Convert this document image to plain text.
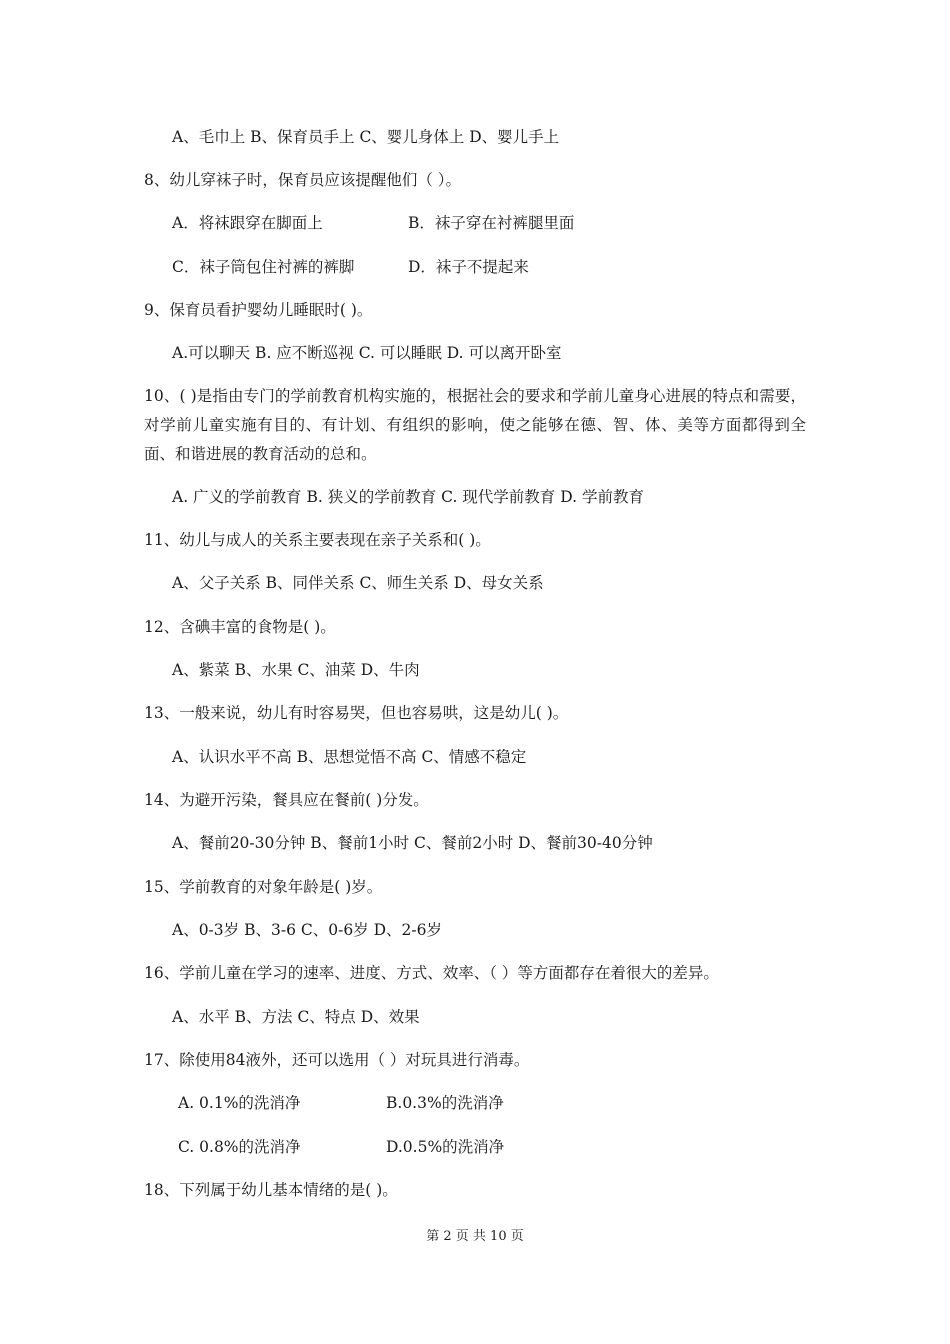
A、毛巾上 B、保育员手上 C、婴儿身体上 D、婴儿手上
8、幼儿穿袜子时，保育员应该提醒他们（ ）。
A．将袜跟穿在脚面上	B．袜子穿在衬裤腿里面
C．袜子筒包住衬裤的裤脚	D．袜子不提起来
9、保育员看护婴幼儿睡眠时( )。
A.可以聊天 B. 应不断巡视 C. 可以睡眠 D. 可以离开卧室
10、( )是指由专门的学前教育机构实施的，根据社会的要求和学前儿童身心进展的特点和需要，对学前儿童实施有目的、有计划、有组织的影响，使之能够在德、智、体、美等方面都得到全面、和谐进展的教育活动的总和。
A. 广义的学前教育 B. 狭义的学前教育 C. 现代学前教育 D. 学前教育
11、幼儿与成人的关系主要表现在亲子关系和( )。
A、父子关系 B、同伴关系 C、师生关系 D、母女关系
12、含碘丰富的食物是( )。
A、紫菜 B、水果 C、油菜 D、牛肉
13、一般来说，幼儿有时容易哭，但也容易哄，这是幼儿( )。
A、认识水平不高 B、思想觉悟不高 C、情感不稳定
14、为避开污染，餐具应在餐前( )分发。
A、餐前20-30分钟 B、餐前1小时 C、餐前2小时 D、餐前30-40分钟
15、学前教育的对象年龄是( )岁。
A、0-3岁 B、3-6 C、0-6岁 D、2-6岁
16、学前儿童在学习的速率、进度、方式、效率、（ ）等方面都存在着很大的差异。
A、水平 B、方法 C、特点 D、效果
17、除使用84液外，还可以选用（ ）对玩具进行消毒。
A. 0.1%的洗消净	B.0.3%的洗消净
C. 0.8%的洗消净	D.0.5%的洗消净
18、下列属于幼儿基本情绪的是( )。
第 2 页 共 10 页
